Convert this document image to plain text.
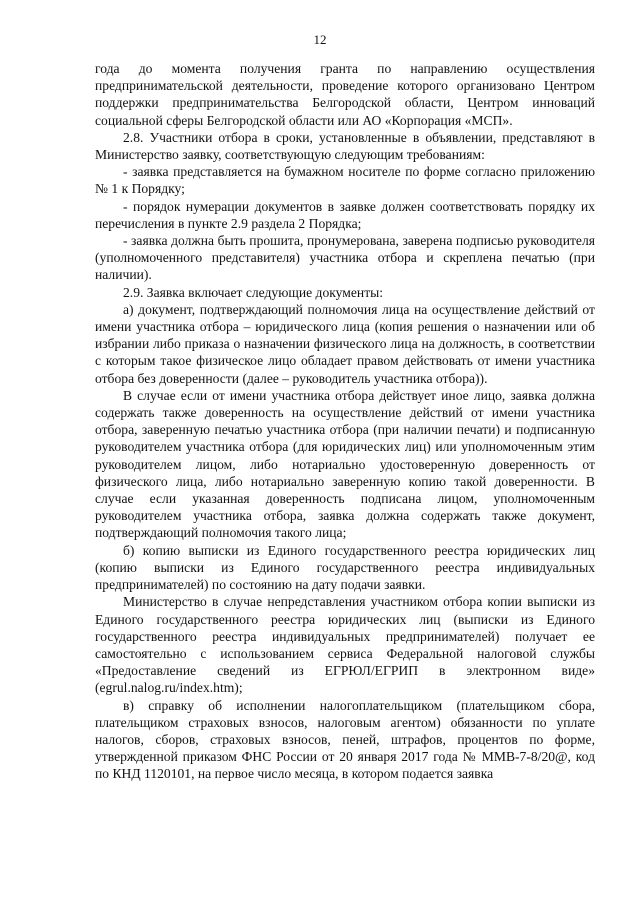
12

года до момента получения гранта по направлению осуществления предпринимательской деятельности, проведение которого организовано Центром поддержки предпринимательства Белгородской области, Центром инноваций социальной сферы Белгородской области или АО «Корпорация «МСП».

2.8. Участники отбора в сроки, установленные в объявлении, представляют в Министерство заявку, соответствующую следующим требованиям:

- заявка представляется на бумажном носителе по форме согласно приложению № 1 к Порядку;

- порядок нумерации документов в заявке должен соответствовать порядку их перечисления в пункте 2.9 раздела 2 Порядка;

- заявка должна быть прошита, пронумерована, заверена подписью руководителя (уполномоченного представителя) участника отбора и скреплена печатью (при наличии).

2.9. Заявка включает следующие документы:

а) документ, подтверждающий полномочия лица на осуществление действий от имени участника отбора – юридического лица (копия решения о назначении или об избрании либо приказа о назначении физического лица на должность, в соответствии с которым такое физическое лицо обладает правом действовать от имени участника отбора без доверенности (далее – руководитель участника отбора)).

В случае если от имени участника отбора действует иное лицо, заявка должна содержать также доверенность на осуществление действий от имени участника отбора, заверенную печатью участника отбора (при наличии печати) и подписанную руководителем участника отбора (для юридических лиц) или уполномоченным этим руководителем лицом, либо нотариально удостоверенную доверенность от физического лица, либо нотариально заверенную копию такой доверенности. В случае если указанная доверенность подписана лицом, уполномоченным руководителем участника отбора, заявка должна содержать также документ, подтверждающий полномочия такого лица;

б) копию выписки из Единого государственного реестра юридических лиц (копию выписки из Единого государственного реестра индивидуальных предпринимателей) по состоянию на дату подачи заявки.

Министерство в случае непредставления участником отбора копии выписки из Единого государственного реестра юридических лиц (выписки из Единого государственного реестра индивидуальных предпринимателей) получает ее самостоятельно с использованием сервиса Федеральной налоговой службы «Предоставление сведений из ЕГРЮЛ/ЕГРИП в электронном виде» (egrul.nalog.ru/index.htm);

в) справку об исполнении налогоплательщиком (плательщиком сбора, плательщиком страховых взносов, налоговым агентом) обязанности по уплате налогов, сборов, страховых взносов, пеней, штрафов, процентов по форме, утвержденной приказом ФНС России от 20 января 2017 года № ММВ-7-8/20@, код по КНД 1120101, на первое число месяца, в котором подается заявка
